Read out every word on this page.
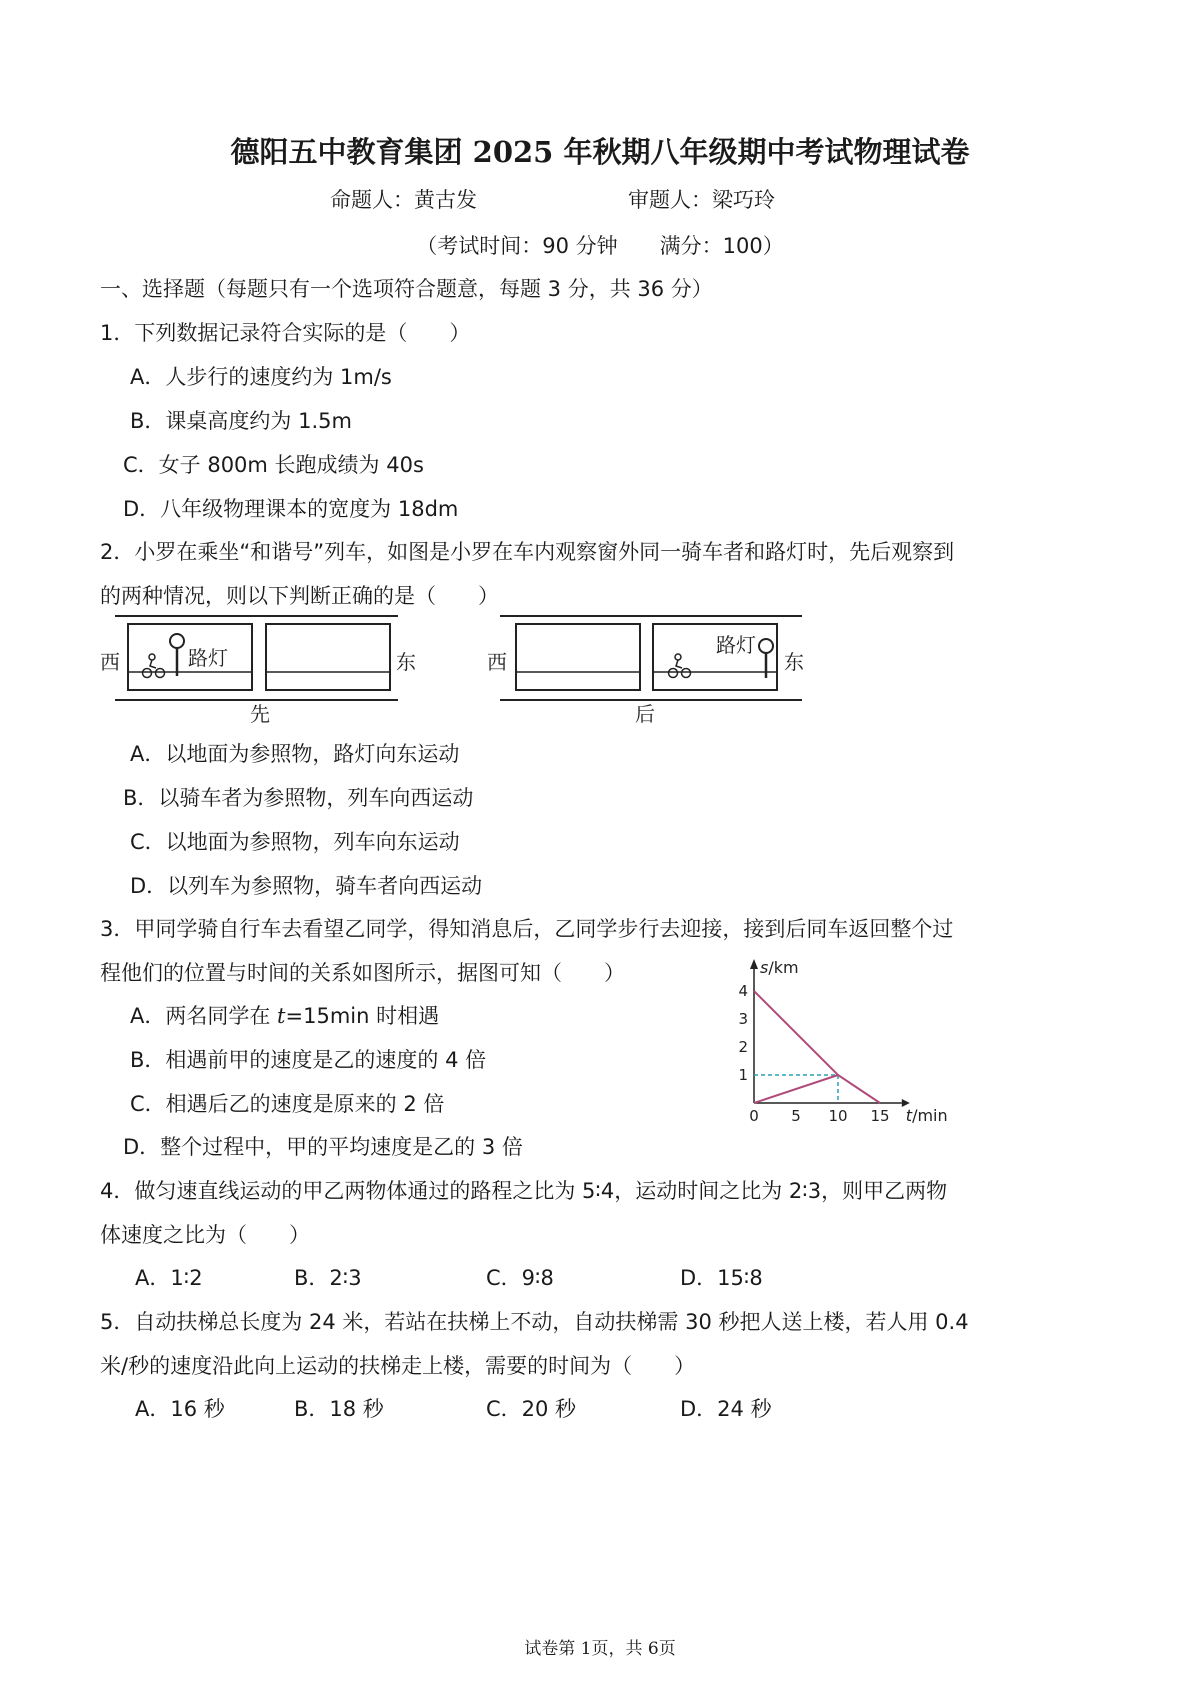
德阳五中教育集团 2025 年秋期八年级期中考试物理试卷
命题人：黄古发	审题人：梁巧玲
（考试时间：90 分钟　　满分：100）
一、选择题（每题只有一个选项符合题意，每题 3 分，共 36 分）
1．下列数据记录符合实际的是（　　）
A．人步行的速度约为 1m/s
B．课桌高度约为 1.5m
C．女子 800m 长跑成绩为 40s
D．八年级物理课本的宽度为 18dm
2．小罗在乘坐“和谐号”列车，如图是小罗在车内观察窗外同一骑车者和路灯时，先后观察到
的两种情况，则以下判断正确的是（　　）
路灯
西	东
先
路灯
西	东
后
A．以地面为参照物，路灯向东运动
B．以骑车者为参照物，列车向西运动
C．以地面为参照物，列车向东运动
D．以列车为参照物，骑车者向西运动
3．甲同学骑自行车去看望乙同学，得知消息后，乙同学步行去迎接，接到后同车返回整个过
程他们的位置与时间的关系如图所示，据图可知（　　）
A．两名同学在 t=15min 时相遇
B．相遇前甲的速度是乙的速度的 4 倍
C．相遇后乙的速度是原来的 2 倍
D．整个过程中，甲的平均速度是乙的 3 倍
0 5 10 15
1
2
3
4
s/km
t/min
4．做匀速直线运动的甲乙两物体通过的路程之比为 5∶4，运动时间之比为 2∶3，则甲乙两物
体速度之比为（　　）
A．1∶2	B．2∶3	C．9∶8	D．15∶8
5．自动扶梯总长度为 24 米，若站在扶梯上不动，自动扶梯需 30 秒把人送上楼，若人用 0.4
米/秒的速度沿此向上运动的扶梯走上楼，需要的时间为（　　）
A．16 秒	B．18 秒	C．20 秒	D．24 秒
试卷第 1页，共 6页
